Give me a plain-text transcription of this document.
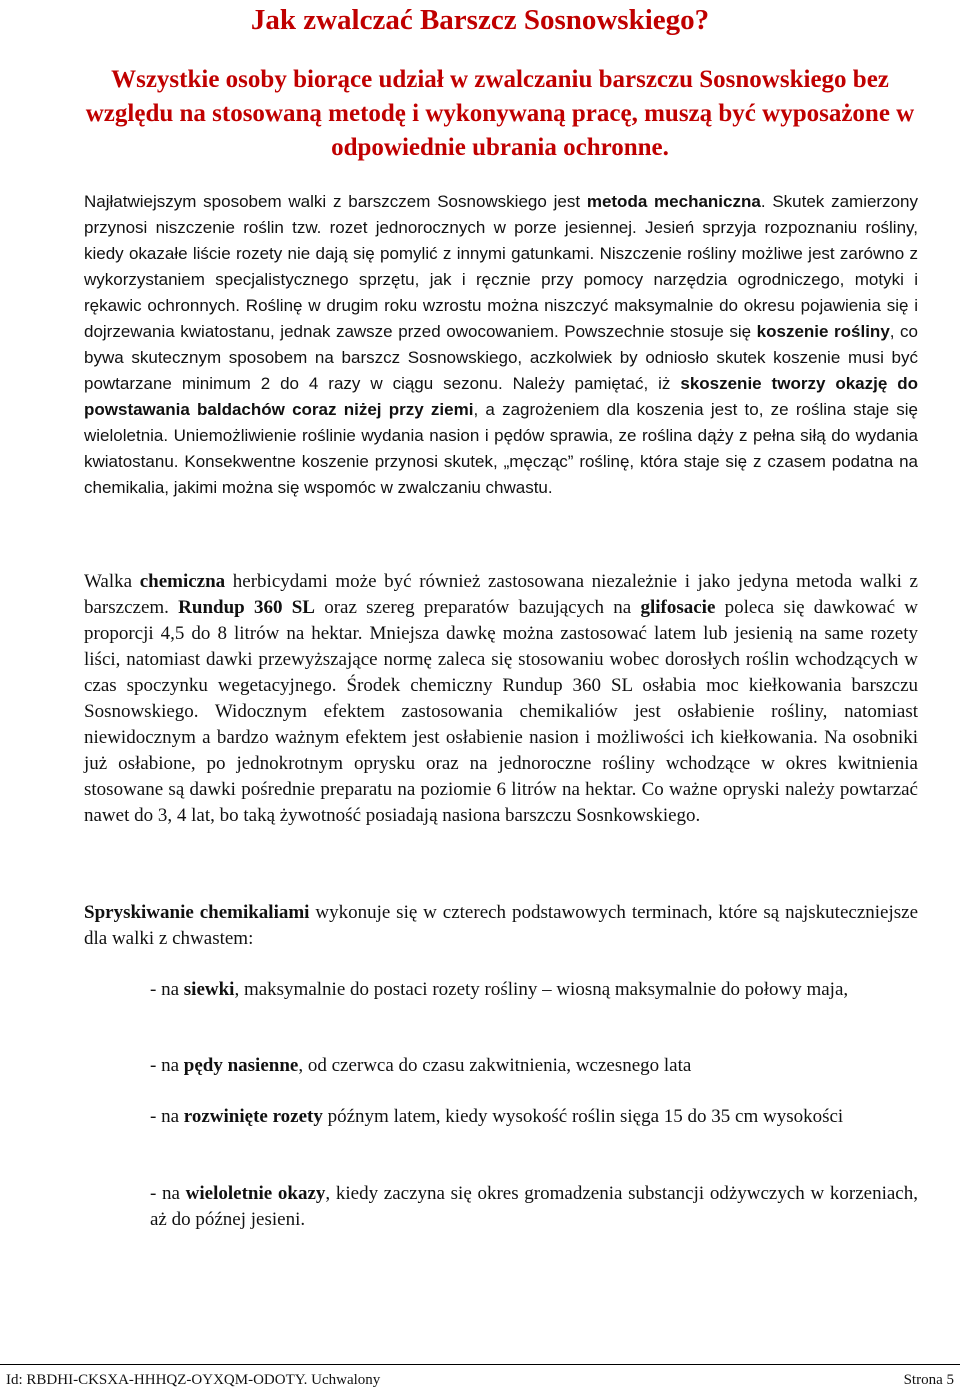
Jak zwalczać Barszcz Sosnowskiego?

Wszystkie osoby biorące udział w zwalczaniu barszczu Sosnowskiego bez względu na stosowaną metodę i wykonywaną pracę, muszą być wyposażone w odpowiednie ubrania ochronne.

Najłatwiejszym sposobem walki z barszczem Sosnowskiego jest metoda mechaniczna. Skutek zamierzony przynosi niszczenie roślin tzw. rozet jednorocznych w porze jesiennej. Jesień sprzyja rozpoznaniu rośliny, kiedy okazałe liście rozety nie dają się pomylić z innymi gatunkami. Niszczenie rośliny możliwe jest zarówno z wykorzystaniem specjalistycznego sprzętu, jak i ręcznie przy pomocy narzędzia ogrodniczego, motyki i rękawic ochronnych. Roślinę w drugim roku wzrostu można niszczyć maksymalnie do okresu pojawienia się i dojrzewania kwiatostanu, jednak zawsze przed owocowaniem. Powszechnie stosuje się koszenie rośliny, co bywa skutecznym sposobem na barszcz Sosnowskiego, aczkolwiek by odniosło skutek koszenie musi być powtarzane minimum 2 do 4 razy w ciągu sezonu. Należy pamiętać, iż skoszenie tworzy okazję do powstawania baldachów coraz niżej przy ziemi, a zagrożeniem dla koszenia jest to, ze roślina staje się wieloletnia. Uniemożliwienie roślinie wydania nasion i pędów sprawia, ze roślina dąży z pełna siłą do wydania kwiatostanu. Konsekwentne koszenie przynosi skutek, „męcząc” roślinę, która staje się z czasem podatna na chemikalia, jakimi można się wspomóc w zwalczaniu chwastu.

Walka chemiczna herbicydami może być również zastosowana niezależnie i jako jedyna metoda walki z barszczem. Rundup 360 SL oraz szereg preparatów bazujących na glifosacie poleca się dawkować w proporcji 4,5 do 8 litrów na hektar. Mniejsza dawkę można zastosować latem lub jesienią na same rozety liści, natomiast dawki przewyższające normę zaleca się stosowaniu wobec dorosłych roślin wchodzących w czas spoczynku wegetacyjnego. Środek chemiczny Rundup 360 SL osłabia moc kiełkowania barszczu Sosnowskiego. Widocznym efektem zastosowania chemikaliów jest osłabienie rośliny, natomiast niewidocznym a bardzo ważnym efektem jest osłabienie nasion i możliwości ich kiełkowania. Na osobniki już osłabione, po jednokrotnym oprysku oraz na jednoroczne rośliny wchodzące w okres kwitnienia stosowane są dawki pośrednie preparatu na poziomie 6 litrów na hektar. Co ważne opryski należy powtarzać nawet do 3, 4 lat, bo taką żywotność posiadają nasiona barszczu Sosnkowskiego.

Spryskiwanie chemikaliami wykonuje się w czterech podstawowych terminach, które są najskuteczniejsze dla walki z chwastem:

- na siewki, maksymalnie do postaci rozety rośliny – wiosną maksymalnie do połowy maja,

- na pędy nasienne, od czerwca do czasu zakwitnienia, wczesnego lata

- na rozwinięte rozety późnym latem, kiedy wysokość roślin sięga 15 do 35 cm wysokości

- na wieloletnie okazy, kiedy zaczyna się okres gromadzenia substancji odżywczych w korzeniach, aż do późnej jesieni.

Id: RBDHI-CKSXA-HHHQZ-OYXQM-ODOTY. Uchwalony	Strona 5
